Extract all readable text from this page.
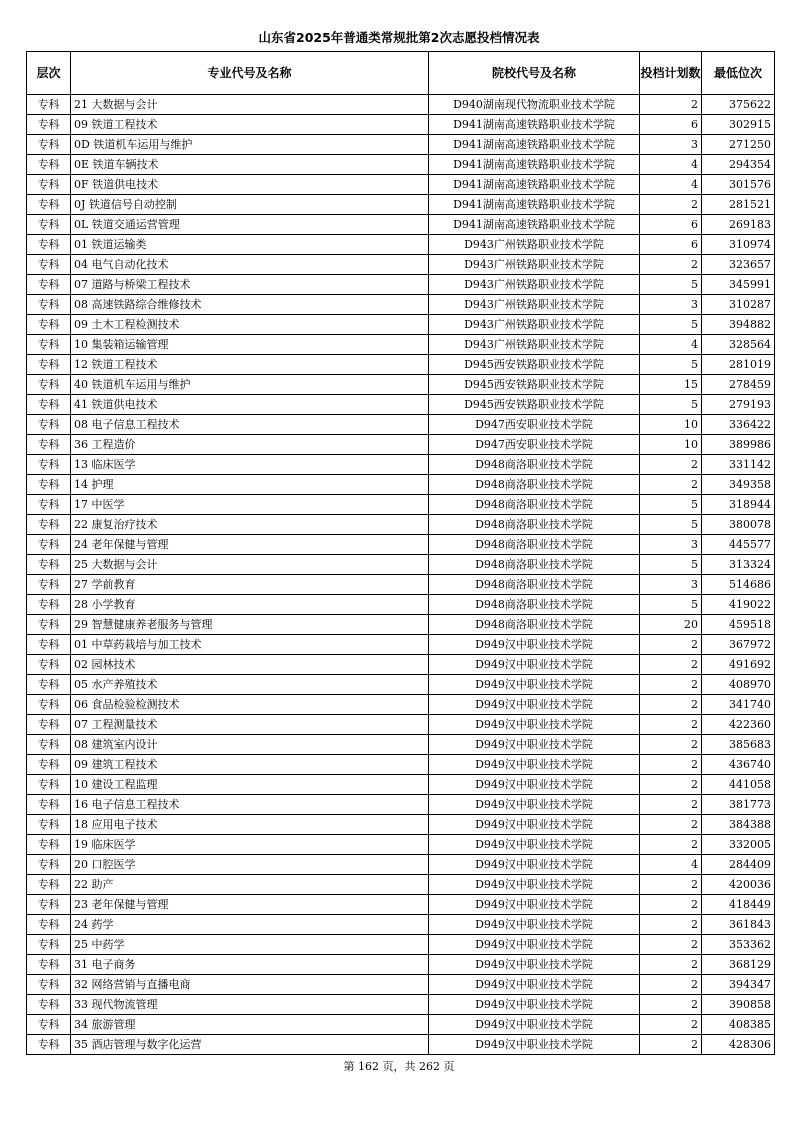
山东省2025年普通类常规批第2次志愿投档情况表
层次	专业代号及名称	院校代号及名称	投档计划数	最低位次
专科	21 大数据与会计	D940湖南现代物流职业技术学院	2	375622
专科	09 铁道工程技术	D941湖南高速铁路职业技术学院	6	302915
专科	0D 铁道机车运用与维护	D941湖南高速铁路职业技术学院	3	271250
专科	0E 铁道车辆技术	D941湖南高速铁路职业技术学院	4	294354
专科	0F 铁道供电技术	D941湖南高速铁路职业技术学院	4	301576
专科	0J 铁道信号自动控制	D941湖南高速铁路职业技术学院	2	281521
专科	0L 铁道交通运营管理	D941湖南高速铁路职业技术学院	6	269183
专科	01 铁道运输类	D943广州铁路职业技术学院	6	310974
专科	04 电气自动化技术	D943广州铁路职业技术学院	2	323657
专科	07 道路与桥梁工程技术	D943广州铁路职业技术学院	5	345991
专科	08 高速铁路综合维修技术	D943广州铁路职业技术学院	3	310287
专科	09 土木工程检测技术	D943广州铁路职业技术学院	5	394882
专科	10 集装箱运输管理	D943广州铁路职业技术学院	4	328564
专科	12 铁道工程技术	D945西安铁路职业技术学院	5	281019
专科	40 铁道机车运用与维护	D945西安铁路职业技术学院	15	278459
专科	41 铁道供电技术	D945西安铁路职业技术学院	5	279193
专科	08 电子信息工程技术	D947西安职业技术学院	10	336422
专科	36 工程造价	D947西安职业技术学院	10	389986
专科	13 临床医学	D948商洛职业技术学院	2	331142
专科	14 护理	D948商洛职业技术学院	2	349358
专科	17 中医学	D948商洛职业技术学院	5	318944
专科	22 康复治疗技术	D948商洛职业技术学院	5	380078
专科	24 老年保健与管理	D948商洛职业技术学院	3	445577
专科	25 大数据与会计	D948商洛职业技术学院	5	313324
专科	27 学前教育	D948商洛职业技术学院	3	514686
专科	28 小学教育	D948商洛职业技术学院	5	419022
专科	29 智慧健康养老服务与管理	D948商洛职业技术学院	20	459518
专科	01 中草药栽培与加工技术	D949汉中职业技术学院	2	367972
专科	02 园林技术	D949汉中职业技术学院	2	491692
专科	05 水产养殖技术	D949汉中职业技术学院	2	408970
专科	06 食品检验检测技术	D949汉中职业技术学院	2	341740
专科	07 工程测量技术	D949汉中职业技术学院	2	422360
专科	08 建筑室内设计	D949汉中职业技术学院	2	385683
专科	09 建筑工程技术	D949汉中职业技术学院	2	436740
专科	10 建设工程监理	D949汉中职业技术学院	2	441058
专科	16 电子信息工程技术	D949汉中职业技术学院	2	381773
专科	18 应用电子技术	D949汉中职业技术学院	2	384388
专科	19 临床医学	D949汉中职业技术学院	2	332005
专科	20 口腔医学	D949汉中职业技术学院	4	284409
专科	22 助产	D949汉中职业技术学院	2	420036
专科	23 老年保健与管理	D949汉中职业技术学院	2	418449
专科	24 药学	D949汉中职业技术学院	2	361843
专科	25 中药学	D949汉中职业技术学院	2	353362
专科	31 电子商务	D949汉中职业技术学院	2	368129
专科	32 网络营销与直播电商	D949汉中职业技术学院	2	394347
专科	33 现代物流管理	D949汉中职业技术学院	2	390858
专科	34 旅游管理	D949汉中职业技术学院	2	408385
专科	35 酒店管理与数字化运营	D949汉中职业技术学院	2	428306
第 162 页，共 262 页
